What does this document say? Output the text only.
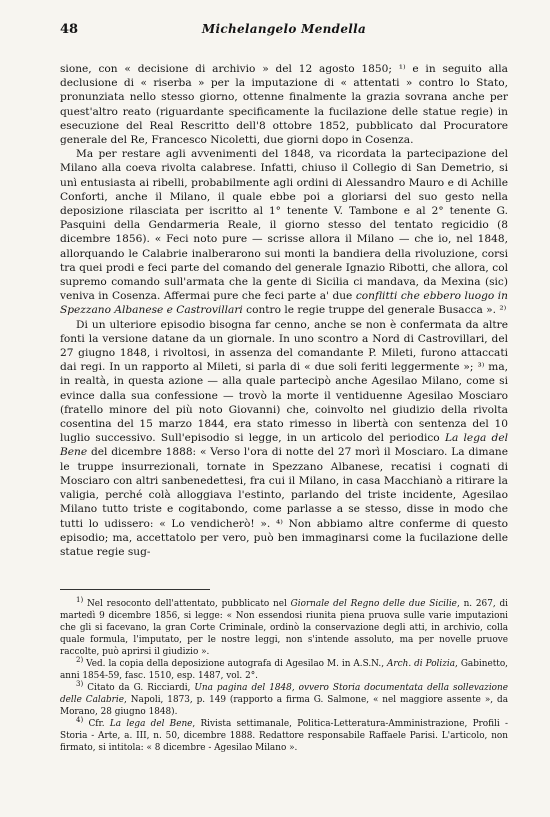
48	Michelangelo Mendella

sione, con « decisione di archivio » del 12 agosto 1850; ¹⁾ e in seguito alla declusione di « riserba » per la imputazione di « attentati » contro lo Stato, pronunziata nello stesso giorno, ottenne finalmente la grazia sovrana anche per quest'altro reato (riguardante specificamente la fucilazione delle statue regie) in esecuzione del Real Rescritto dell'8 ottobre 1852, pubblicato dal Procuratore generale del Re, Francesco Nicoletti, due giorni dopo in Cosenza.

Ma per restare agli avvenimenti del 1848, va ricordata la partecipazione del Milano alla coeva rivolta calabrese. Infatti, chiuso il Collegio di San Demetrio, si unì entusiasta ai ribelli, probabilmente agli ordini di Alessandro Mauro e di Achille Conforti, anche il Milano, il quale ebbe poi a gloriarsi del suo gesto nella deposizione rilasciata per iscritto al 1° tenente V. Tambone e al 2° tenente G. Pasquini della Gendarmeria Reale, il giorno stesso del tentato regicidio (8 dicembre 1856). « Feci noto pure — scrisse allora il Milano — che io, nel 1848, allorquando le Calabrie inalberarono sui monti la bandiera della rivoluzione, corsi tra quei prodi e feci parte del comando del generale Ignazio Ribotti, che allora, col supremo comando sull'armata che la gente di Sicilia ci mandava, da Mexina (sic) veniva in Cosenza. Affermai pure che feci parte a' due conflitti che ebbero luogo in Spezzano Albanese e Castrovillari contro le regie truppe del generale Busacca ». ²⁾

Di un ulteriore episodio bisogna far cenno, anche se non è confermata da altre fonti la versione datane da un giornale. In uno scontro a Nord di Castrovillari, del 27 giugno 1848, i rivoltosi, in assenza del comandante P. Mileti, furono attaccati dai regi. In un rapporto al Mileti, si parla di « due soli feriti leggermente »; ³⁾ ma, in realtà, in questa azione — alla quale partecipò anche Agesilao Milano, come si evince dalla sua confessione — trovò la morte il ventiduenne Agesilao Mosciaro (fratello minore del più noto Giovanni) che, coinvolto nel giudizio della rivolta cosentina del 15 marzo 1844, era stato rimesso in libertà con sentenza del 10 luglio successivo. Sull'episodio si legge, in un articolo del periodico La lega del Bene del dicembre 1888: « Verso l'ora di notte del 27 morì il Mosciaro. La dimane le truppe insurrezionali, tornate in Spezzano Albanese, recatisi i cognati di Mosciaro con altri sanbenedettesi, fra cui il Milano, in casa Macchianò a ritirare la valigia, perché colà alloggiava l'estinto, parlando del triste incidente, Agesilao Milano tutto triste e cogitabondo, come parlasse a se stesso, disse in modo che tutti lo udissero: « Lo vendicherò! ». ⁴⁾ Non abbiamo altre conferme di questo episodio; ma, accettatolo per vero, può ben immaginarsi come la fucilazione delle statue regie sug-

$^{1)}$ Nel resoconto dell'attentato, pubblicato nel Giornale del Regno delle due Sicilie, n. 267, di martedì 9 dicembre 1856, si legge: « Non essendosi riunita piena pruova sulle varie imputazioni che gli si facevano, la gran Corte Criminale, ordinò la conservazione degli atti, in archivio, colla quale formula, l'imputato, per le nostre leggi, non s'intende assoluto, ma per novelle pruove raccolte, può aprirsi il giudizio ».

$^{2)}$ Ved. la copia della deposizione autografa di Agesilao M. in A.S.N., Arch. di Polizia, Gabinetto, anni 1854-59, fasc. 1510, esp. 1487, vol. 2°.

$^{3)}$ Citato da G. Ricciardi, Una pagina del 1848, ovvero Storia documentata della sollevazione delle Calabrie, Napoli, 1873, p. 149 (rapporto a firma G. Salmone, « nel maggiore assente », da Morano, 28 giugno 1848).

$^{4)}$ Cfr. La lega del Bene, Rivista settimanale, Politica-Letteratura-Amministrazione, Profili - Storia - Arte, a. III, n. 50, dicembre 1888. Redattore responsabile Raffaele Parisi. L'articolo, non firmato, si intitola: « 8 dicembre - Agesilao Milano ».
